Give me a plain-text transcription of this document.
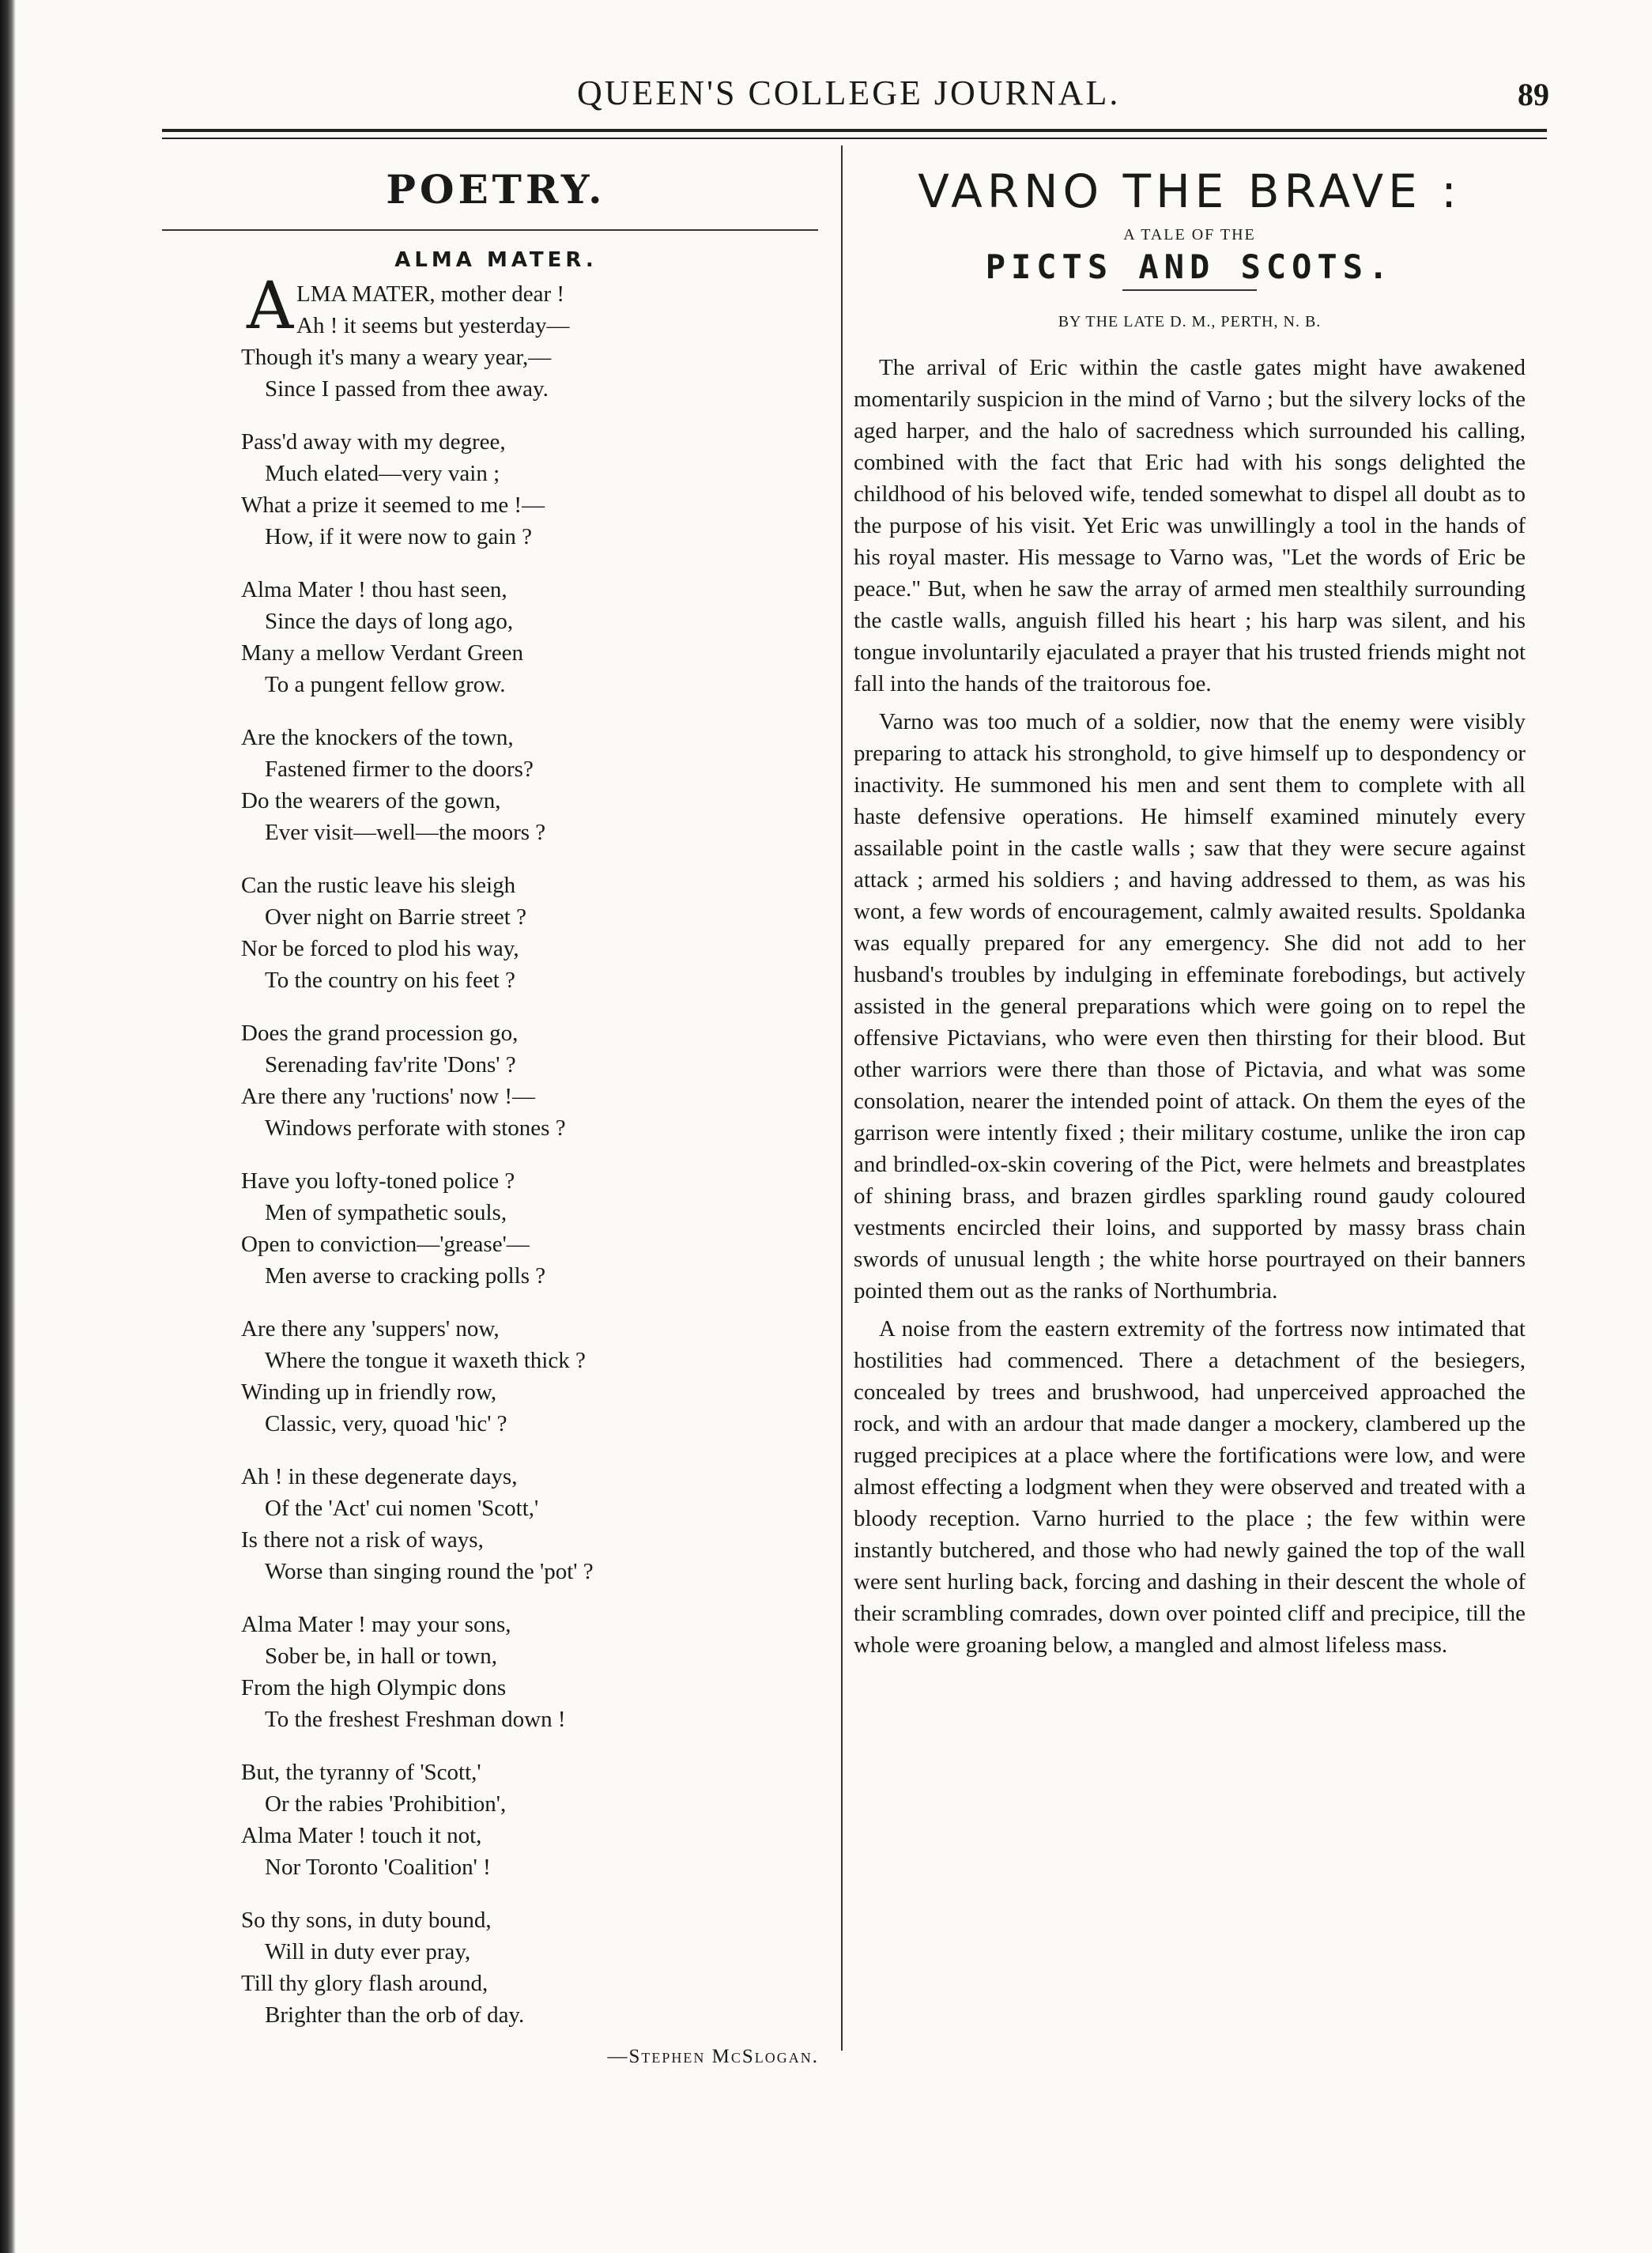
QUEEN'S COLLEGE JOURNAL.	89
POETRY.
ALMA MATER.
A LMA MATER, mother dear !
Ah ! it seems but yesterday—
Though it's many a weary year,—
Since I passed from thee away.
Pass'd away with my degree,
Much elated—very vain ;
What a prize it seemed to me !—
How, if it were now to gain ?
Alma Mater ! thou hast seen,
Since the days of long ago,
Many a mellow Verdant Green
To a pungent fellow grow.
Are the knockers of the town,
Fastened firmer to the doors?
Do the wearers of the gown,
Ever visit—well—the moors ?
Can the rustic leave his sleigh
Over night on Barrie street ?
Nor be forced to plod his way,
To the country on his feet ?
Does the grand procession go,
Serenading fav'rite 'Dons' ?
Are there any 'ructions' now !—
Windows perforate with stones ?
Have you lofty-toned police ?
Men of sympathetic souls,
Open to conviction—'grease'—
Men averse to cracking polls ?
Are there any 'suppers' now,
Where the tongue it waxeth thick ?
Winding up in friendly row,
Classic, very, quoad 'hic' ?
Ah ! in these degenerate days,
Of the 'Act' cui nomen 'Scott,'
Is there not a risk of ways,
Worse than singing round the 'pot' ?
Alma Mater ! may your sons,
Sober be, in hall or town,
From the high Olympic dons
To the freshest Freshman down !
But, the tyranny of 'Scott,'
Or the rabies 'Prohibition',
Alma Mater ! touch it not,
Nor Toronto 'Coalition' !
So thy sons, in duty bound,
Will in duty ever pray,
Till thy glory flash around,
Brighter than the orb of day.
—Stephen McSlogan.
VARNO THE BRAVE :
A TALE OF THE
PICTS AND SCOTS.
BY THE LATE D. M., PERTH, N. B.

The arrival of Eric within the castle gates might have awakened momentarily suspicion in the mind of Varno ; but the silvery locks of the aged harper, and the halo of sacredness which surrounded his calling, combined with the fact that Eric had with his songs delighted the childhood of his beloved wife, tended somewhat to dispel all doubt as to the purpose of his visit. Yet Eric was unwillingly a tool in the hands of his royal master. His message to Varno was, "Let the words of Eric be peace." But, when he saw the array of armed men stealthily surrounding the castle walls, anguish filled his heart ; his harp was silent, and his tongue involuntarily ejaculated a prayer that his trusted friends might not fall into the hands of the traitorous foe.

Varno was too much of a soldier, now that the enemy were visibly preparing to attack his stronghold, to give himself up to despondency or inactivity. He summoned his men and sent them to complete with all haste defensive operations. He himself examined minutely every assailable point in the castle walls ; saw that they were secure against attack ; armed his soldiers ; and having addressed to them, as was his wont, a few words of encouragement, calmly awaited results. Spoldanka was equally prepared for any emergency. She did not add to her husband's troubles by indulging in effeminate forebodings, but actively assisted in the general preparations which were going on to repel the offensive Pictavians, who were even then thirsting for their blood. But other warriors were there than those of Pictavia, and what was some consolation, nearer the intended point of attack. On them the eyes of the garrison were intently fixed ; their military costume, unlike the iron cap and brindled-ox-skin covering of the Pict, were helmets and breastplates of shining brass, and brazen girdles sparkling round gaudy coloured vestments encircled their loins, and supported by massy brass chain swords of unusual length ; the white horse pourtrayed on their banners pointed them out as the ranks of Northumbria.

A noise from the eastern extremity of the fortress now intimated that hostilities had commenced. There a detachment of the besiegers, concealed by trees and brushwood, had unperceived approached the rock, and with an ardour that made danger a mockery, clambered up the rugged precipices at a place where the fortifications were low, and were almost effecting a lodgment when they were observed and treated with a bloody reception. Varno hurried to the place ; the few within were instantly butchered, and those who had newly gained the top of the wall were sent hurling back, forcing and dashing in their descent the whole of their scrambling comrades, down over pointed cliff and precipice, till the whole were groaning below, a mangled and almost lifeless mass.
